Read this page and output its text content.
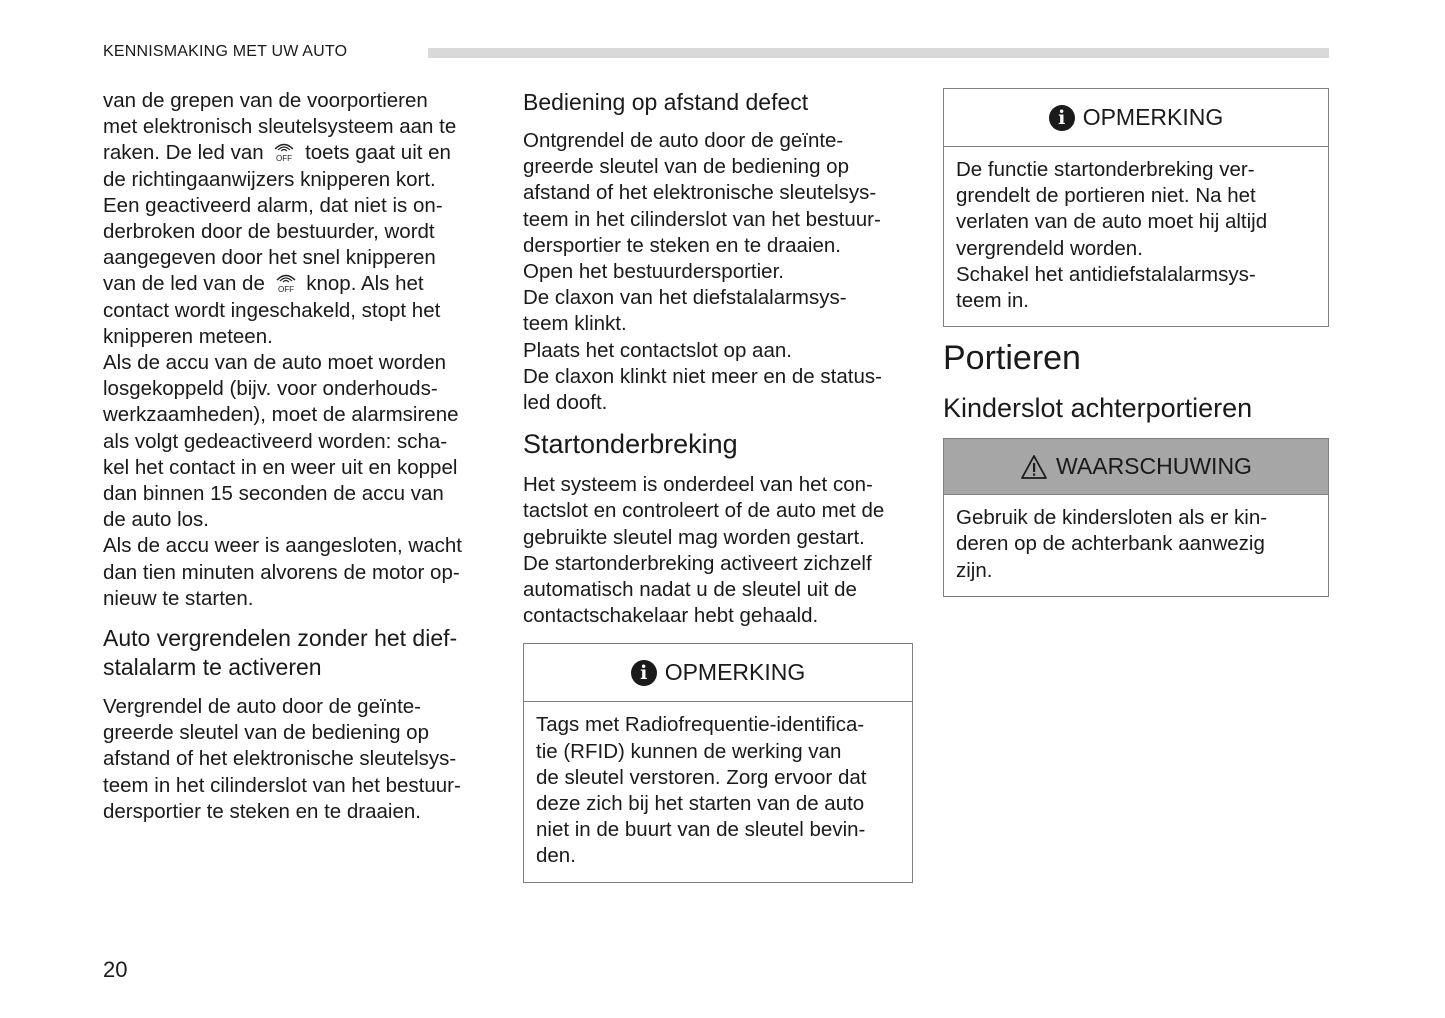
KENNISMAKING MET UW AUTO
van de grepen van de voorportieren
met elektronisch sleutelsysteem aan te
raken. De led van OFF toets gaat uit en
de richtingaanwijzers knipperen kort.
Een geactiveerd alarm, dat niet is on-
derbroken door de bestuurder, wordt
aangegeven door het snel knipperen
van de led van de OFF knop. Als het
contact wordt ingeschakeld, stopt het
knipperen meteen.
Als de accu van de auto moet worden
losgekoppeld (bijv. voor onderhouds-
werkzaamheden), moet de alarmsirene
als volgt gedeactiveerd worden: scha-
kel het contact in en weer uit en koppel
dan binnen 15 seconden de accu van
de auto los.
Als de accu weer is aangesloten, wacht
dan tien minuten alvorens de motor op-
nieuw te starten.
Auto vergrendelen zonder het dief-
stalalarm te activeren
Vergrendel de auto door de geïnte-
greerde sleutel van de bediening op
afstand of het elektronische sleutelsys-
teem in het cilinderslot van het bestuur-
dersportier te steken en te draaien.
Bediening op afstand defect
Ontgrendel de auto door de geïnte-
greerde sleutel van de bediening op
afstand of het elektronische sleutelsys-
teem in het cilinderslot van het bestuur-
dersportier te steken en te draaien.
Open het bestuurdersportier.
De claxon van het diefstalalarmsys-
teem klinkt.
Plaats het contactslot op aan.
De claxon klinkt niet meer en de status-
led dooft.
Startonderbreking
Het systeem is onderdeel van het con-
tactslot en controleert of de auto met de
gebruikte sleutel mag worden gestart.
De startonderbreking activeert zichzelf
automatisch nadat u de sleutel uit de
contactschakelaar hebt gehaald.
i OPMERKING
Tags met Radiofrequentie-identifica-
tie (RFID) kunnen de werking van
de sleutel verstoren. Zorg ervoor dat
deze zich bij het starten van de auto
niet in de buurt van de sleutel bevin-
den.
i OPMERKING
De functie startonderbreking ver-
grendelt de portieren niet. Na het
verlaten van de auto moet hij altijd
vergrendeld worden.
Schakel het antidiefstalalarmsys-
teem in.
Portieren
Kinderslot achterportieren
WAARSCHUWING
Gebruik de kindersloten als er kin-
deren op de achterbank aanwezig
zijn.
20
